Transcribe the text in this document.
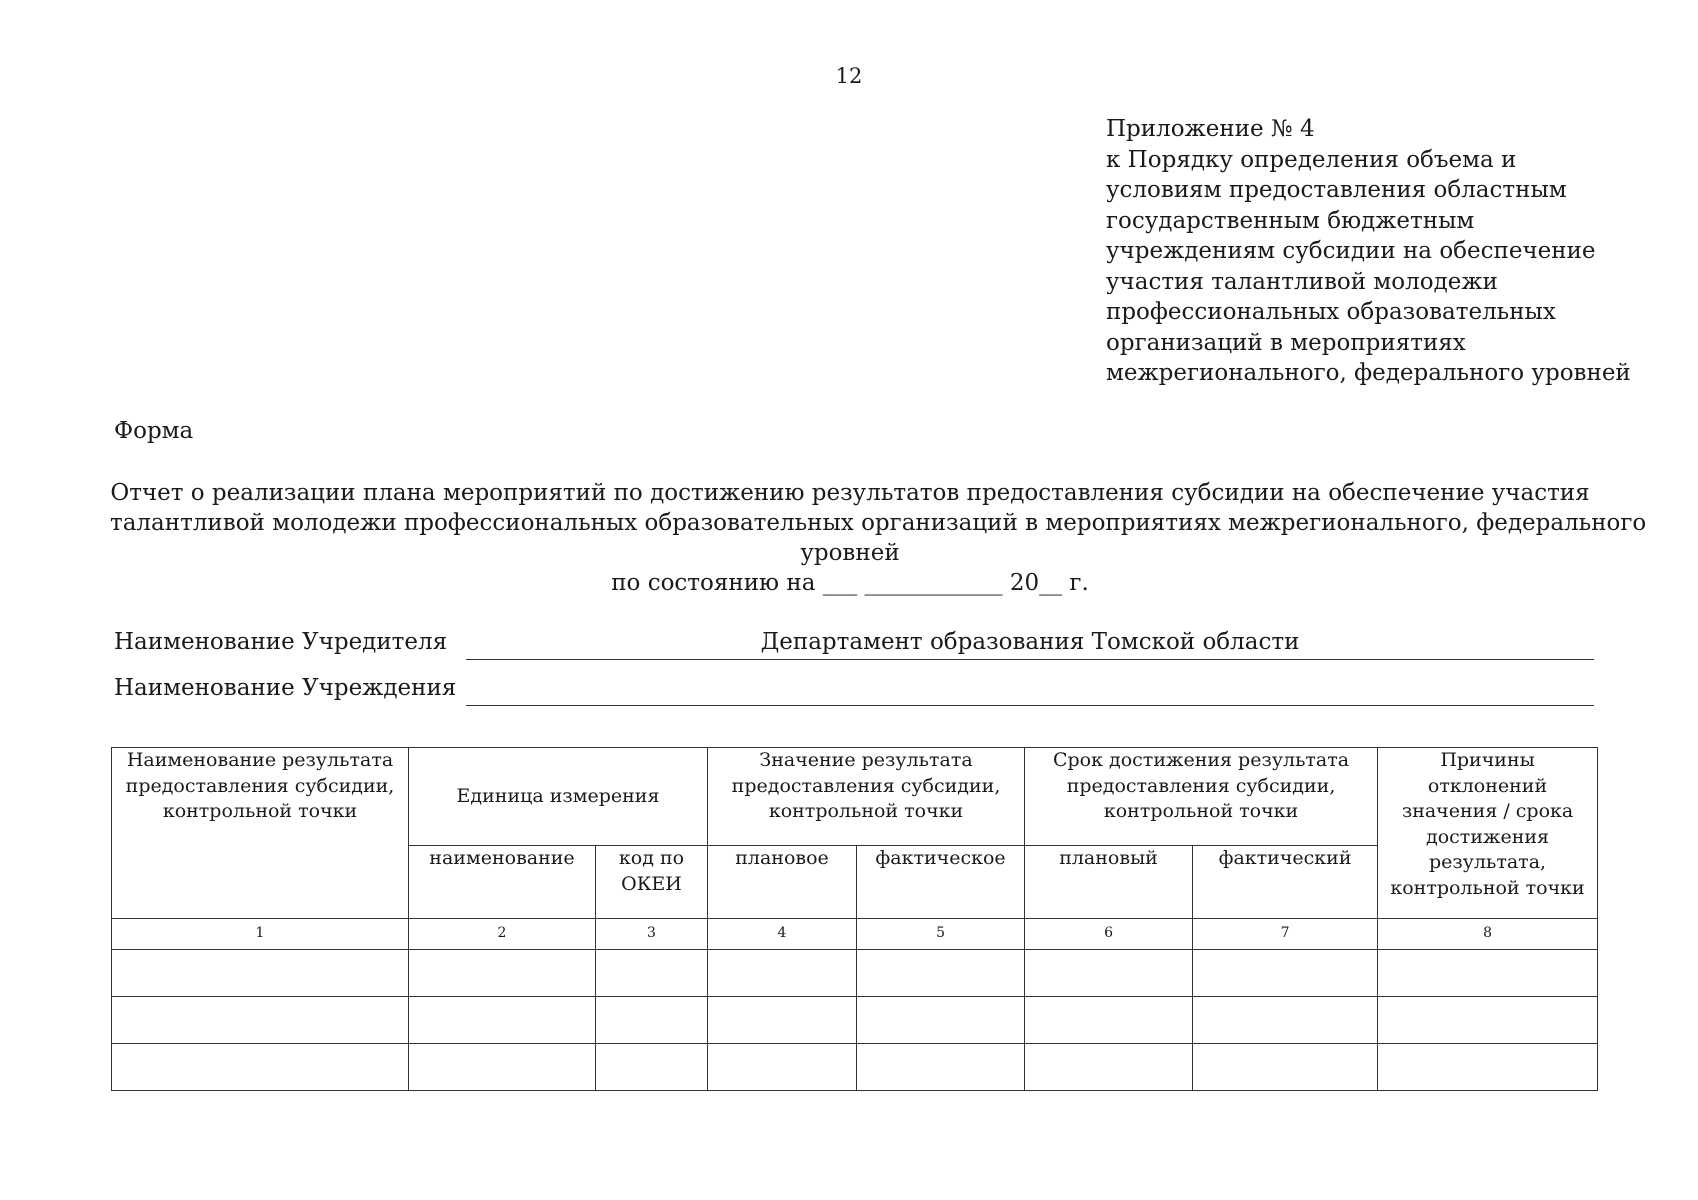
12
Приложение № 4
к Порядку определения объема и
условиям предоставления областным
государственным бюджетным
учреждениям субсидии на обеспечение
участия талантливой молодежи
профессиональных образовательных
организаций в мероприятиях
межрегионального, федерального уровней
Форма
Отчет о реализации плана мероприятий по достижению результатов предоставления субсидии на обеспечение участия
талантливой молодежи профессиональных образовательных организаций в мероприятиях межрегионального, федерального
уровней
по состоянию на ___ ____________ 20__ г.
Наименование Учредителя	Департамент образования Томской области
Наименование Учреждения
Наименование результата предоставления субсидии, контрольной точки	Единица измерения		Значение результата предоставления субсидии, контрольной точки		Срок достижения результата предоставления субсидии, контрольной точки		Причины отклонений значения / срока достижения результата, контрольной точки
	наименование	код по ОКЕИ	плановое	фактическое	плановый	фактический	
1	2	3	4	5	6	7	8
